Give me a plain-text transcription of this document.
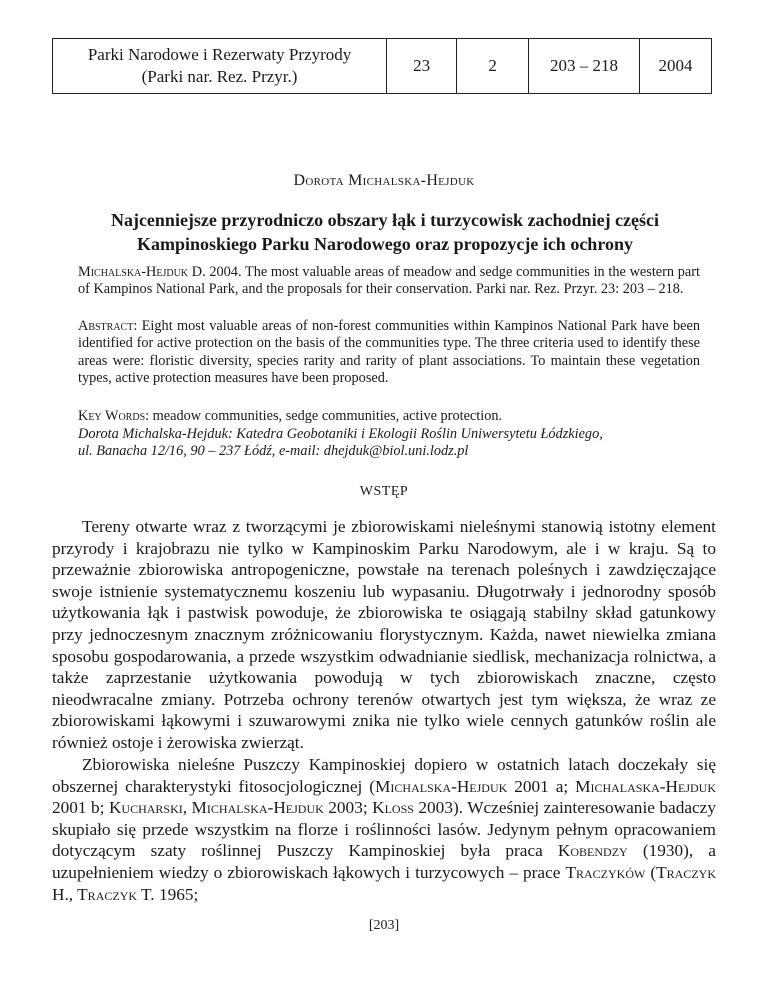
Parki Narodowe i Rezerwaty Przyrody
(Parki nar. Rez. Przyr.)
	23	2	203 – 218	2004
Dorota Michalska-Hejduk
Najcenniejsze przyrodniczo obszary łąk i turzycowisk zachodniej części
Kampinoskiego Parku Narodowego oraz propozycje ich ochrony
Michalska-Hejduk D. 2004. The most valuable areas of meadow and sedge communities in the western part of Kampinos National Park, and the proposals for their conservation. Parki nar. Rez. Przyr. 23: 203 – 218.
Abstract: Eight most valuable areas of non-forest communities within Kampinos National Park have been identified for active protection on the basis of the communities type. The three criteria used to identify these areas were: floristic diversity, species rarity and rarity of plant associations. To maintain these vegetation types, active protection measures have been proposed.
Key Words: meadow communities, sedge communities, active protection.
Dorota Michalska-Hejduk: Katedra Geobotaniki i Ekologii Roślin Uniwersytetu Łódzkiego,
ul. Banacha 12/16, 90 – 237 Łódź, e-mail: dhejduk@biol.uni.lodz.pl
WSTĘP
Tereny otwarte wraz z tworzącymi je zbiorowiskami nieleśnymi stanowią istotny element przyrody i krajobrazu nie tylko w Kampinoskim Parku Narodowym, ale i w kraju. Są to przeważnie zbiorowiska antropogeniczne, powstałe na terenach poleśnych i zawdzięczające swoje istnienie systematycznemu koszeniu lub wypasaniu. Długotrwały i jednorodny sposób użytkowania łąk i pastwisk powoduje, że zbiorowiska te osiągają stabilny skład gatunkowy przy jednoczesnym znacznym zróżnicowaniu florystycznym. Każda, nawet niewielka zmiana sposobu gospodarowania, a przede wszystkim odwadnianie siedlisk, mechanizacja rolnictwa, a także zaprzestanie użytkowania powodują w tych zbiorowiskach znaczne, często nieodwracalne zmiany. Potrzeba ochrony terenów otwartych jest tym większa, że wraz ze zbiorowiskami łąkowymi i szuwarowymi znika nie tylko wiele cennych gatunków roślin ale również ostoje i żerowiska zwierząt.
Zbiorowiska nieleśne Puszczy Kampinoskiej dopiero w ostatnich latach doczekały się obszernej charakterystyki fitosocjologicznej (Michalska-Hejduk 2001 a; Michalaska-Hejduk 2001 b; Kucharski, Michalska-Hejduk 2003; Kloss 2003). Wcześniej zainteresowanie badaczy skupiało się przede wszystkim na florze i roślinności lasów. Jedynym pełnym opracowaniem dotyczącym szaty roślinnej Puszczy Kampinoskiej była praca Kobendzy (1930), a uzupełnieniem wiedzy o zbiorowiskach łąkowych i turzycowych – prace Traczyków (Traczyk H., Traczyk T. 1965;
[203]
